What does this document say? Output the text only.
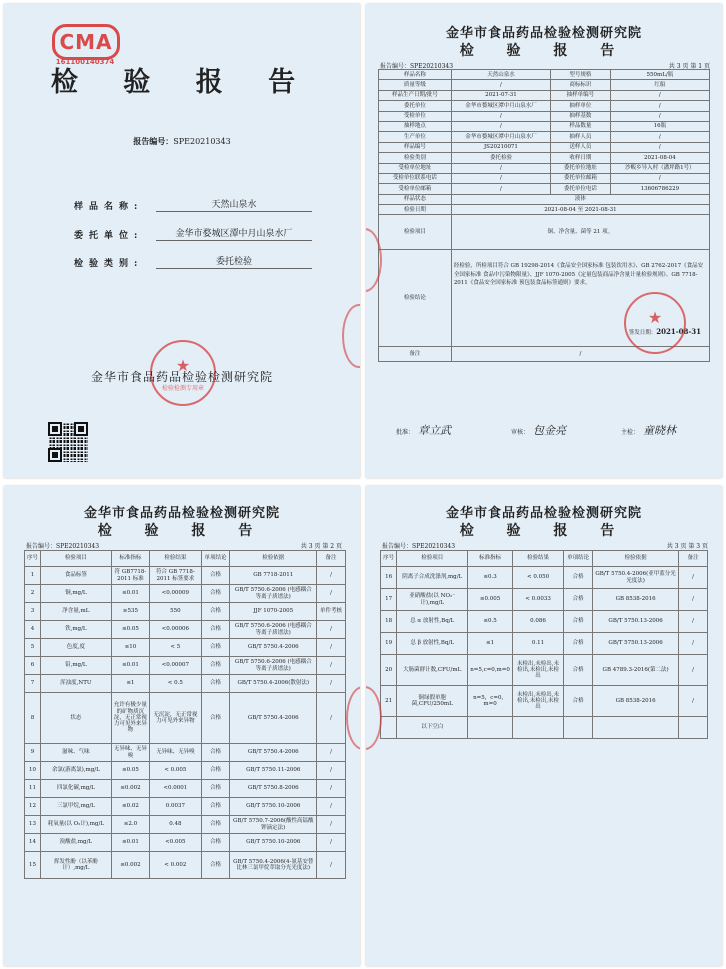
CMA
161100140374
检 验 报 告
报告编号：SPE20210343
样品名称:	天然山泉水
委托单位:	金华市婺城区潭中月山泉水厂
检验类别:	委托检验
★
检验检测专用章
金华市食品药品检验检测研究院
金华市食品药品检验检测研究院
检 验 报 告
报告编号：SPE20210343	共 3 页 第 1 页
样品名称	天然山泉水	型号规格	550mL/瓶
质量等级	/	商标标识	红船
样品生产日期/批号	2021-07-31	抽样单编号	/
委托单位	金华市婺城区潭中月山泉水厂	抽样单位	/
受检单位	/	抽样基数	/
抽样地点	/	样品数量	16瓶
生产单位	金华市婺城区潭中月山泉水厂	抽样人员	/
样品编号	JS20210071	送样人员	/
检验类别	委托检验	收样日期	2021-08-04
受检单位地址	/	委托单位地址	沙畈乡导入村（潘坪路1号）
受检单位联系电话	/	委托单位邮箱	/
受检单位邮箱	/	委托单位电话	13606786229
样品状态	液体		
检验日期	2021-08-04 至 2021-08-31		
检验项目	铜、净含量、菌等 21 项。		
检验结论	经检验，所检项目符合 GB 19298-2014《食品安全国家标准 包装饮用水》、GB 2762-2017《食品安全国家标准 食品中污染物限量》、JJF 1070-2005《定量包装商品净含量计量检验规则》、GB 7718-2011《食品安全国家标准 预包装食品标签通则》要求。
签发日期：2021-08-31		

备注	/		
★
批准： 章立武	审核： 包金亮	主检： 童晓林
金华市食品药品检验检测研究院
检 验 报 告
报告编号：SPE20210343	共 3 页 第 2 页
序号	检验项目	标准指标	检验结果	单项结论	检验依据	备注
1	食品标签	符 GB7718-2011 标准	符合 GB 7718-2011 标签要求	合格	GB 7718-2011	/
2	铜,mg/L	≤0.01	<0.00009	合格	GB/T 5750.6-2006 (电感耦合等离子质谱法)	/
3	净含量,mL	≥535	550	合格	JJF 1070-2005	单件考核
4	铁,mg/L	≤0.05	<0.00006	合格	GB/T 5750.6-2006 (电感耦合等离子质谱法)	/
5	色度,度	≤10	< 5	合格	GB/T 5750.4-2006	/
6	铅,mg/L	≤0.01	<0.00007	合格	GB/T 5750.6-2006 (电感耦合等离子质谱法)	/
7	浑浊度,NTU	≤1	< 0.5	合格	GB/T 5750.4-2006(散射法)	/
8	状态	允许有极少量的矿物质沉淀，无正常视力可见外来异物	无沉淀，无正常视力可见外来异物	合格	GB/T 5750.4-2006	/
9	滋味、气味	无异味、无异嗅	无异味、无异嗅	合格	GB/T 5750.4-2006	/
10	余氯(游离氯),mg/L	≤0.05	< 0.005	合格	GB/T 5750.11-2006	/
11	四氯化碳,mg/L	≤0.002	<0.0001	合格	GB/T 5750.8-2006	/
12	三氯甲烷,mg/L	≤0.02	0.0037	合格	GB/T 5750.10-2006	/
13	耗氧量(以 O₂计),mg/L	≤2.0	0.48	合格	GB/T 5750.7-2006(酸性高锰酸钾滴定法)	/
14	溴酸盐,mg/L	≤0.01	<0.005	合格	GB/T 5750.10-2006	/
15	挥发性酚（以苯酚计）,mg/L	≤0.002	< 0.002	合格	GB/T 5750.4-2006(4-氨基安替比林三氯甲烷萃取分光光度法)	/
金华市食品药品检验检测研究院
检 验 报 告
报告编号：SPE20210343	共 3 页 第 3 页
序号	检验项目	标准指标	检验结果	单项结论	检验依据	备注
16	阴离子合成洗涤剂,mg/L	≤0.3	< 0.050	合格	GB/T 5750.4-2006(亚甲蓝分光光度法)	/
17	亚硝酸盐(以 NO₂⁻计),mg/L	≤0.005	< 0.0033	合格	GB 8538-2016	/
18	总 α 放射性,Bq/L	≤0.5	0.086	合格	GB/T 5750.13-2006	/
19	总 β 放射性,Bq/L	≤1	0.11	合格	GB/T 5750.13-2006	/
20	大肠菌群计数,CFU/mL	n=5,c=0,m=0	未检出,未检出,未检出,未检出,未检出	合格	GB 4789.3-2016(第二法)	/
21	铜绿假单胞菌,CFU/250mL	n=5，c=0，m=0	未检出,未检出,未检出,未检出,未检出	合格	GB 8538-2016	/
	以下空白					
